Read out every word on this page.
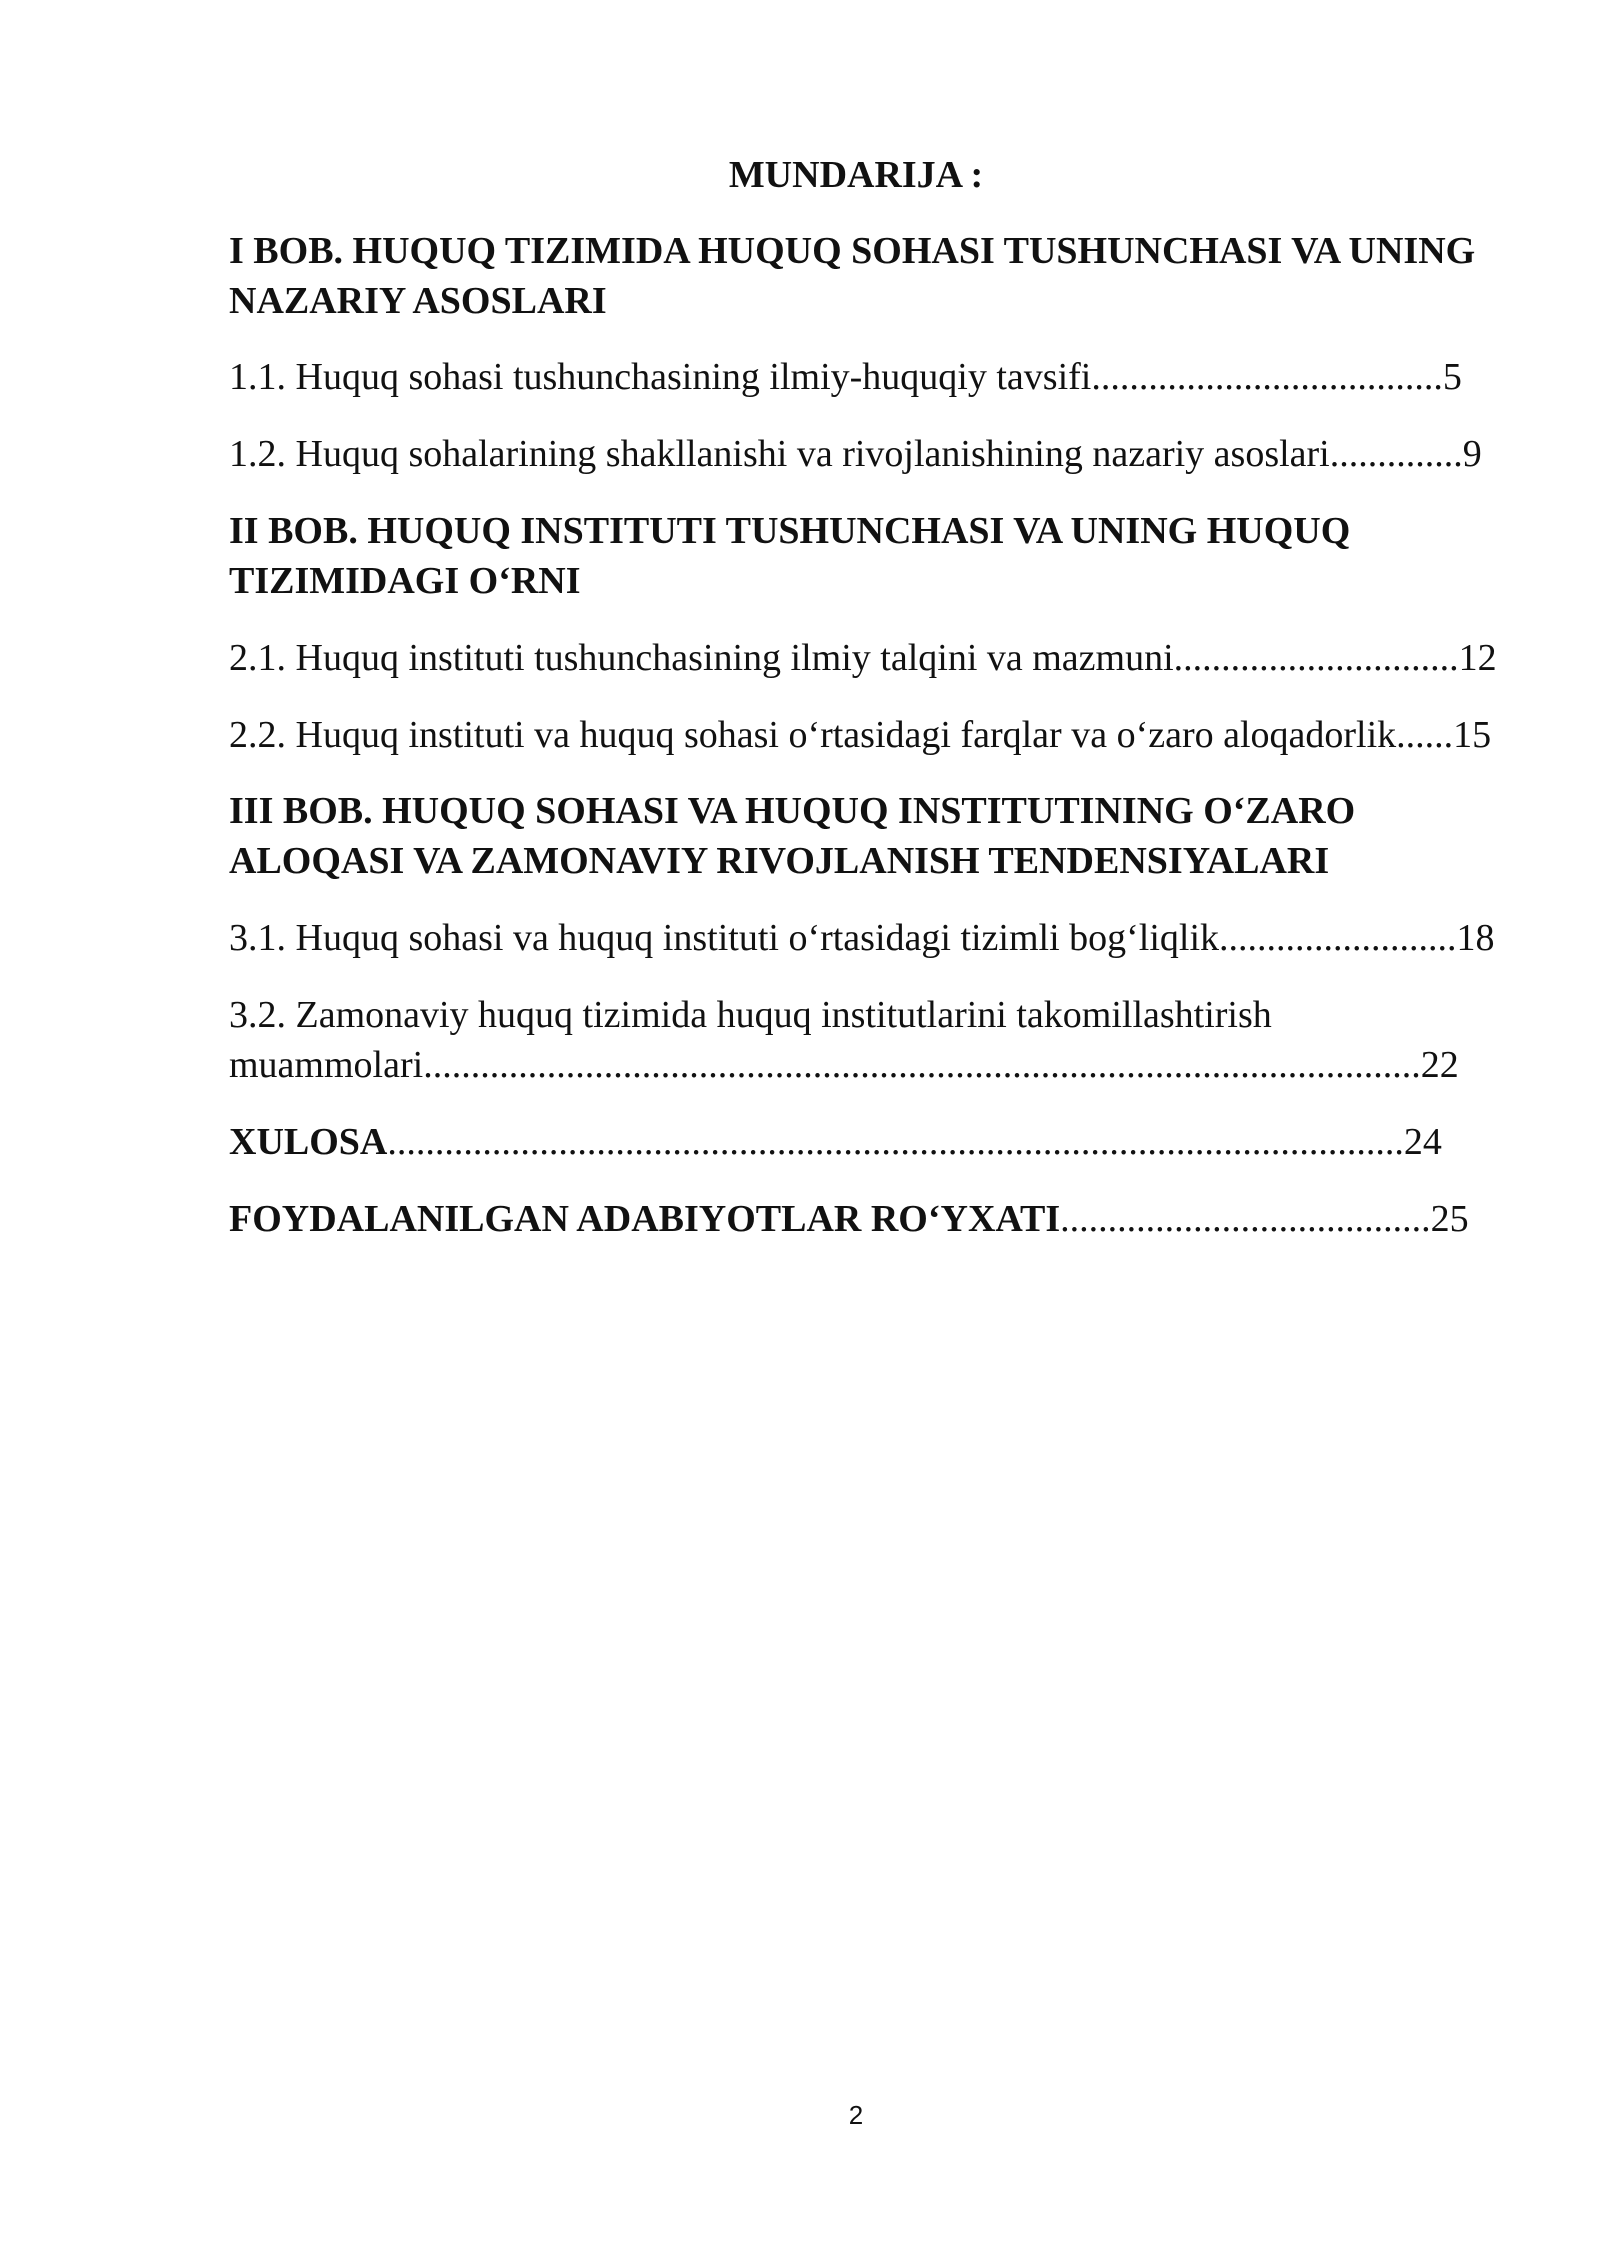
MUNDARIJA :
I BOB. HUQUQ TIZIMIDA HUQUQ SOHASI TUSHUNCHASI VA UNING
NAZARIY ASOSLARI
1.1. Huquq sohasi tushunchasining ilmiy-huquqiy tavsifi.....................................5
1.2. Huquq sohalarining shakllanishi va rivojlanishining nazariy asoslari..............9
II BOB. HUQUQ INSTITUTI TUSHUNCHASI VA UNING HUQUQ
TIZIMIDAGI O‘RNI
2.1. Huquq instituti tushunchasining ilmiy talqini va mazmuni..............................12
2.2. Huquq instituti va huquq sohasi o‘rtasidagi farqlar va o‘zaro aloqadorlik......15
III BOB. HUQUQ SOHASI VA HUQUQ INSTITUTINING O‘ZARO
ALOQASI VA ZAMONAVIY RIVOJLANISH TENDENSIYALARI
3.1. Huquq sohasi va huquq instituti o‘rtasidagi tizimli bog‘liqlik.........................18
3.2. Zamonaviy huquq tizimida huquq institutlarini takomillashtirish
muammolari.........................................................................................................22
XULOSA...........................................................................................................24
FOYDALANILGAN ADABIYOTLAR RO‘YXATI.......................................25
2
